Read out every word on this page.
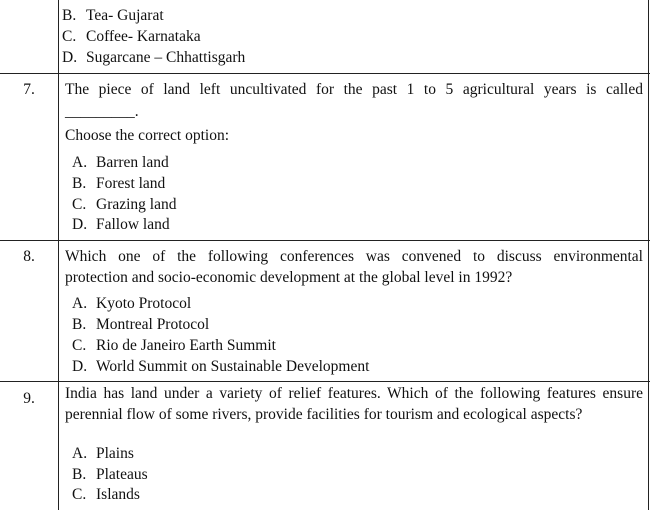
B. Tea- Gujarat
C. Coffee- Karnataka
D. Sugarcane – Chhattisgarh
7.	The piece of land left uncultivated for the past 1 to 5 agricultural years is called
_________.
Choose the correct option:
A. Barren land
B. Forest land
C. Grazing land
D. Fallow land
8.	Which one of the following conferences was convened to discuss environmental
protection and socio-economic development at the global level in 1992?
A. Kyoto Protocol
B. Montreal Protocol
C. Rio de Janeiro Earth Summit
D. World Summit on Sustainable Development
9.	India has land under a variety of relief features. Which of the following features ensure
perennial flow of some rivers, provide facilities for tourism and ecological aspects?
A. Plains
B. Plateaus
C. Islands
